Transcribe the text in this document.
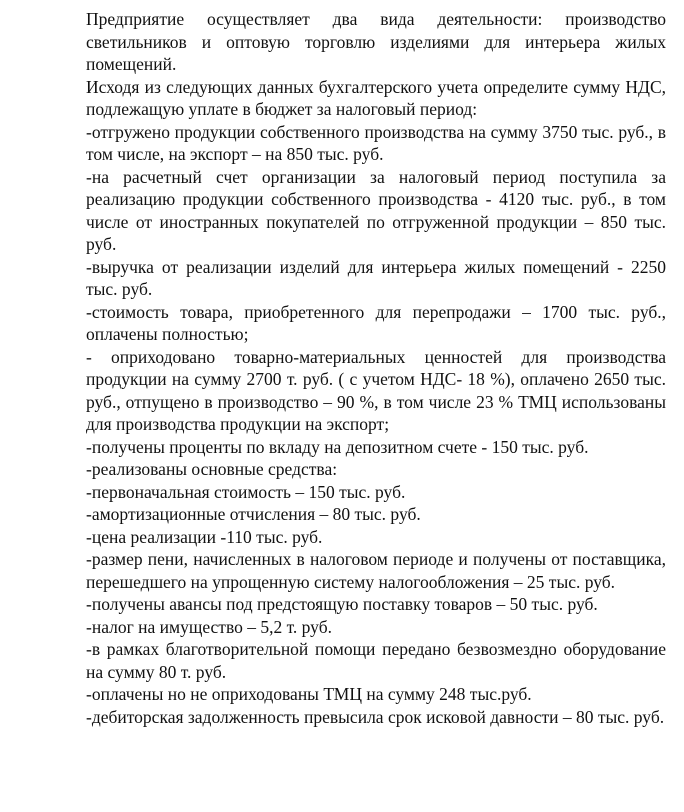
Предприятие осуществляет два вида деятельности: производство светильников и оптовую торговлю изделиями для интерьера жилых помещений.

Исходя из следующих данных бухгалтерского учета определите сумму НДС, подлежащую уплате в бюджет за налоговый период:

-отгружено продукции собственного производства на сумму 3750 тыс. руб., в том числе, на экспорт – на 850 тыс. руб.

-на расчетный счет организации за налоговый период поступила за реализацию продукции собственного производства - 4120 тыс. руб., в том числе от иностранных покупателей по отгруженной продукции – 850 тыс. руб.

-выручка от реализации изделий для интерьера жилых помещений - 2250 тыс. руб.

-стоимость товара, приобретенного для перепродажи – 1700 тыс. руб., оплачены полностью;

- оприходовано товарно-материальных ценностей для производства продукции на сумму 2700 т. руб. ( с учетом НДС- 18 %), оплачено 2650 тыс. руб., отпущено в производство – 90 %, в том числе 23 % ТМЦ использованы для производства продукции на экспорт;

-получены проценты по вкладу на депозитном счете - 150 тыс. руб.

-реализованы основные средства:

-первоначальная стоимость – 150 тыс. руб.

-амортизационные отчисления – 80 тыс. руб.

-цена реализации -110 тыс. руб.

-размер пени, начисленных в налоговом периоде и получены от поставщика, перешедшего на упрощенную систему налогообложения – 25 тыс. руб.

-получены авансы под предстоящую поставку товаров – 50 тыс. руб.

-налог на имущество – 5,2 т. руб.

-в рамках благотворительной помощи передано безвозмездно оборудование на сумму 80 т. руб.

-оплачены но не оприходованы ТМЦ на сумму 248 тыс.руб.

-дебиторская задолженность превысила срок исковой давности – 80 тыс. руб.
